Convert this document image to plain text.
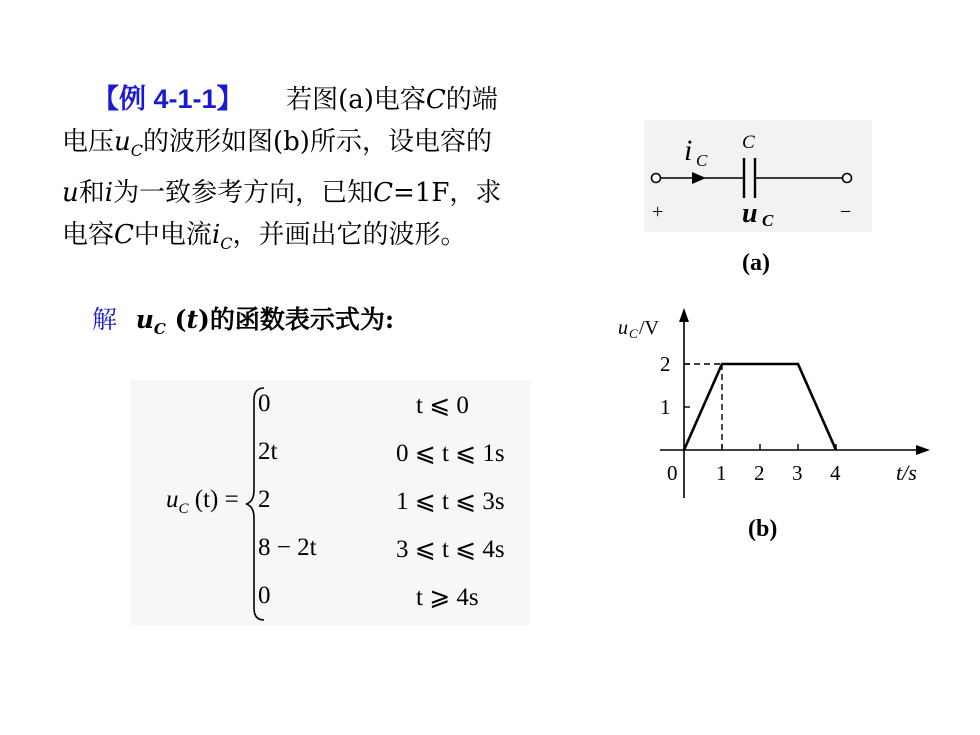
【例 4-1-1】 若图(a)电容C的端
电压$u_C$的波形如图(b)所示，设电容的
u和i为一致参考方向，已知C=1F，求
电容C中电流$i_C$，并画出它的波形。
解 $u_C$ (t)的函数表示式为:
$u_C$ (t) =
0
2t
2
8 − 2t
0
t ⩽ 0
0 ⩽ t ⩽ 1s
1 ⩽ t ⩽ 3s
3 ⩽ t ⩽ 4s
t ⩾ 4s
i C
C
u C
+	−
(a)
0 1 2 3 4
1
2
u C /V
t/s
(b)
